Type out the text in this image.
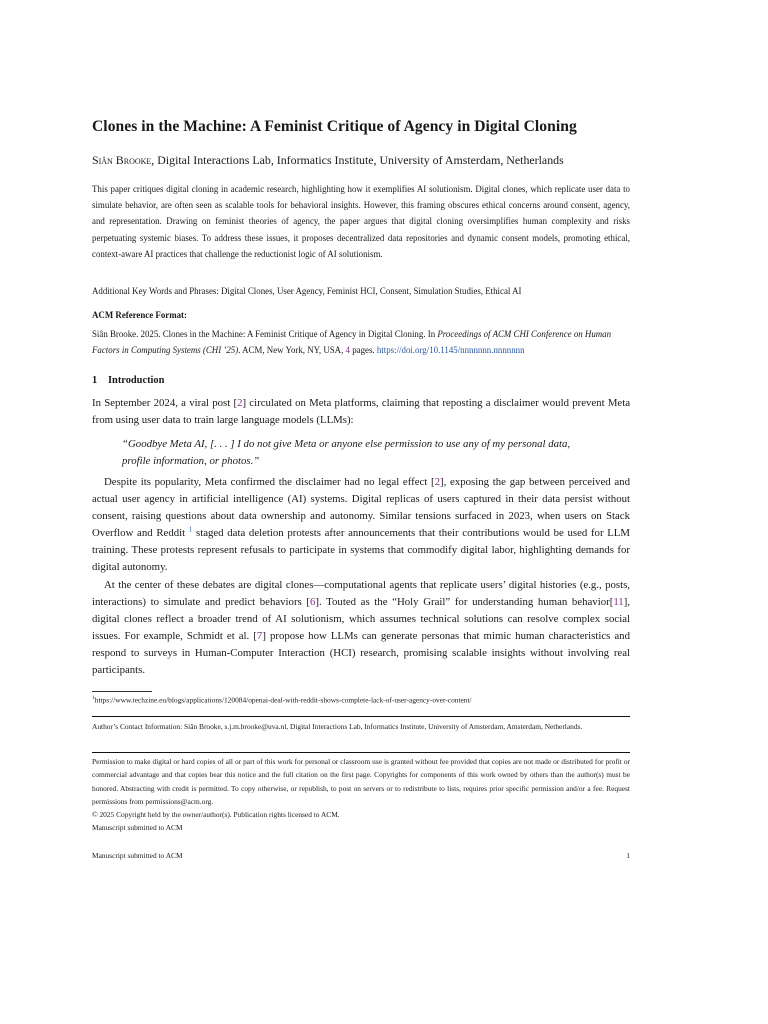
Clones in the Machine: A Feminist Critique of Agency in Digital Cloning
Siân Brooke, Digital Interactions Lab, Informatics Institute, University of Amsterdam, Netherlands

This paper critiques digital cloning in academic research, highlighting how it exemplifies AI solutionism. Digital clones, which replicate user data to simulate behavior, are often seen as scalable tools for behavioral insights. However, this framing obscures ethical concerns around consent, agency, and representation. Drawing on feminist theories of agency, the paper argues that digital cloning oversimplifies human complexity and risks perpetuating systemic biases. To address these issues, it proposes decentralized data repositories and dynamic consent models, promoting ethical, context-aware AI practices that challenge the reductionist logic of AI solutionism.

Additional Key Words and Phrases: Digital Clones, User Agency, Feminist HCI, Consent, Simulation Studies, Ethical AI
ACM Reference Format:

Siân Brooke. 2025. Clones in the Machine: A Feminist Critique of Agency in Digital Cloning. In Proceedings of ACM CHI Conference on Human Factors in Computing Systems (CHI ’25). ACM, New York, NY, USA, 4 pages. https://doi.org/10.1145/nnnnnnn.nnnnnnn

1 Introduction

In September 2024, a viral post [2] circulated on Meta platforms, claiming that reposting a disclaimer would prevent Meta from using user data to train large language models (LLMs):

“Goodbye Meta AI, [. . . ] I do not give Meta or anyone else permission to use any of my personal data, profile information, or photos.”

Despite its popularity, Meta confirmed the disclaimer had no legal effect [2], exposing the gap between perceived and actual user agency in artificial intelligence (AI) systems. Digital replicas of users captured in their data persist without consent, raising questions about data ownership and autonomy. Similar tensions surfaced in 2023, when users on Stack Overflow and Reddit $^1$ staged data deletion protests after announcements that their contributions would be used for LLM training. These protests represent refusals to participate in systems that commodify digital labor, highlighting demands for digital autonomy.

At the center of these debates are digital clones—computational agents that replicate users’ digital histories (e.g., posts, interactions) to simulate and predict behaviors [6]. Touted as the “Holy Grail” for understanding human behavior[11], digital clones reflect a broader trend of AI solutionism, which assumes technical solutions can resolve complex social issues. For example, Schmidt et al. [7] propose how LLMs can generate personas that mimic human characteristics and respond to surveys in Human-Computer Interaction (HCI) research, promising scalable insights without involving real participants.

$^1$https://www.techzine.eu/blogs/applications/120084/openai-deal-with-reddit-shows-complete-lack-of-user-agency-over-content/

Author’s Contact Information: Siân Brooke, s.j.m.brooke@uva.nl, Digital Interactions Lab, Informatics Institute, University of Amsterdam, Amsterdam, Netherlands.

Permission to make digital or hard copies of all or part of this work for personal or classroom use is granted without fee provided that copies are not made or distributed for profit or commercial advantage and that copies bear this notice and the full citation on the first page. Copyrights for components of this work owned by others than the author(s) must be honored. Abstracting with credit is permitted. To copy otherwise, or republish, to post on servers or to redistribute to lists, requires prior specific permission and/or a fee. Request permissions from permissions@acm.org.

© 2025 Copyright held by the owner/author(s). Publication rights licensed to ACM.
Manuscript submitted to ACM
Manuscript submitted to ACM	1
